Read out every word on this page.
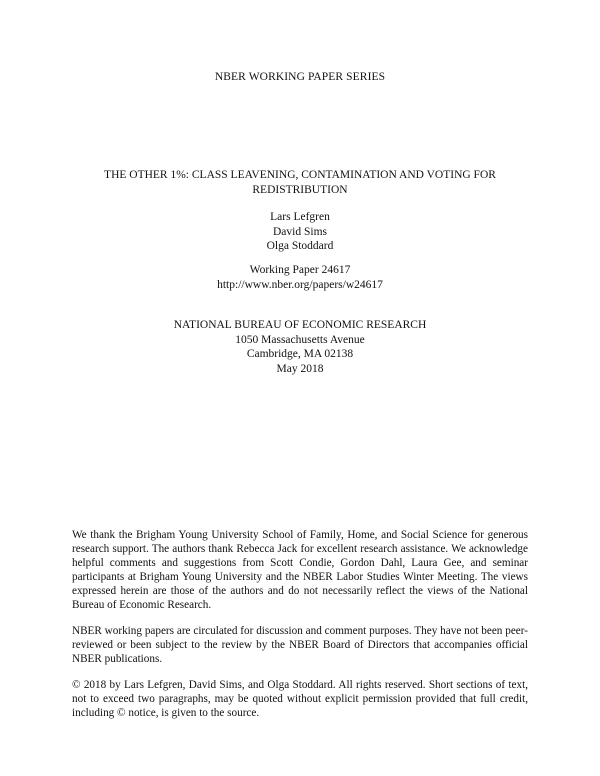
NBER WORKING PAPER SERIES
THE OTHER 1%: CLASS LEAVENING, CONTAMINATION AND VOTING FOR REDISTRIBUTION
Lars Lefgren
David Sims
Olga Stoddard
Working Paper 24617
http://www.nber.org/papers/w24617
NATIONAL BUREAU OF ECONOMIC RESEARCH
1050 Massachusetts Avenue
Cambridge, MA 02138
May 2018

We thank the Brigham Young University School of Family, Home, and Social Science for generous research support. The authors thank Rebecca Jack for excellent research assistance. We acknowledge helpful comments and suggestions from Scott Condie, Gordon Dahl, Laura Gee, and seminar participants at Brigham Young University and the NBER Labor Studies Winter Meeting. The views expressed herein are those of the authors and do not necessarily reflect the views of the National Bureau of Economic Research.

NBER working papers are circulated for discussion and comment purposes. They have not been peer-reviewed or been subject to the review by the NBER Board of Directors that accompanies official NBER publications.

© 2018 by Lars Lefgren, David Sims, and Olga Stoddard. All rights reserved. Short sections of text, not to exceed two paragraphs, may be quoted without explicit permission provided that full credit, including © notice, is given to the source.
